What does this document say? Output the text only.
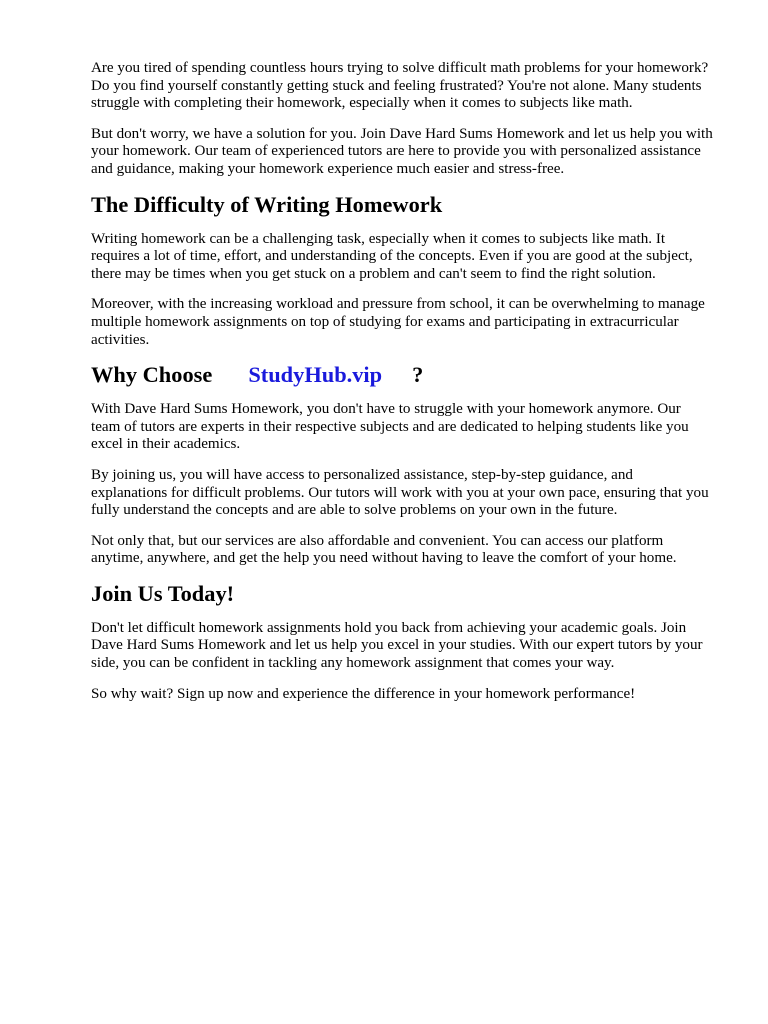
Are you tired of spending countless hours trying to solve difficult math problems for your homework? Do you find yourself constantly getting stuck and feeling frustrated? You're not alone. Many students struggle with completing their homework, especially when it comes to subjects like math.

But don't worry, we have a solution for you. Join Dave Hard Sums Homework and let us help you with your homework. Our team of experienced tutors are here to provide you with personalized assistance and guidance, making your homework experience much easier and stress-free.

The Difficulty of Writing Homework

Writing homework can be a challenging task, especially when it comes to subjects like math. It requires a lot of time, effort, and understanding of the concepts. Even if you are good at the subject, there may be times when you get stuck on a problem and can't seem to find the right solution.

Moreover, with the increasing workload and pressure from school, it can be overwhelming to manage multiple homework assignments on top of studying for exams and participating in extracurricular activities.

Why Choose StudyHub.vip ?

With Dave Hard Sums Homework, you don't have to struggle with your homework anymore. Our team of tutors are experts in their respective subjects and are dedicated to helping students like you excel in their academics.

By joining us, you will have access to personalized assistance, step-by-step guidance, and explanations for difficult problems. Our tutors will work with you at your own pace, ensuring that you fully understand the concepts and are able to solve problems on your own in the future.

Not only that, but our services are also affordable and convenient. You can access our platform anytime, anywhere, and get the help you need without having to leave the comfort of your home.

Join Us Today!

Don't let difficult homework assignments hold you back from achieving your academic goals. Join Dave Hard Sums Homework and let us help you excel in your studies. With our expert tutors by your side, you can be confident in tackling any homework assignment that comes your way.

So why wait? Sign up now and experience the difference in your homework performance!
